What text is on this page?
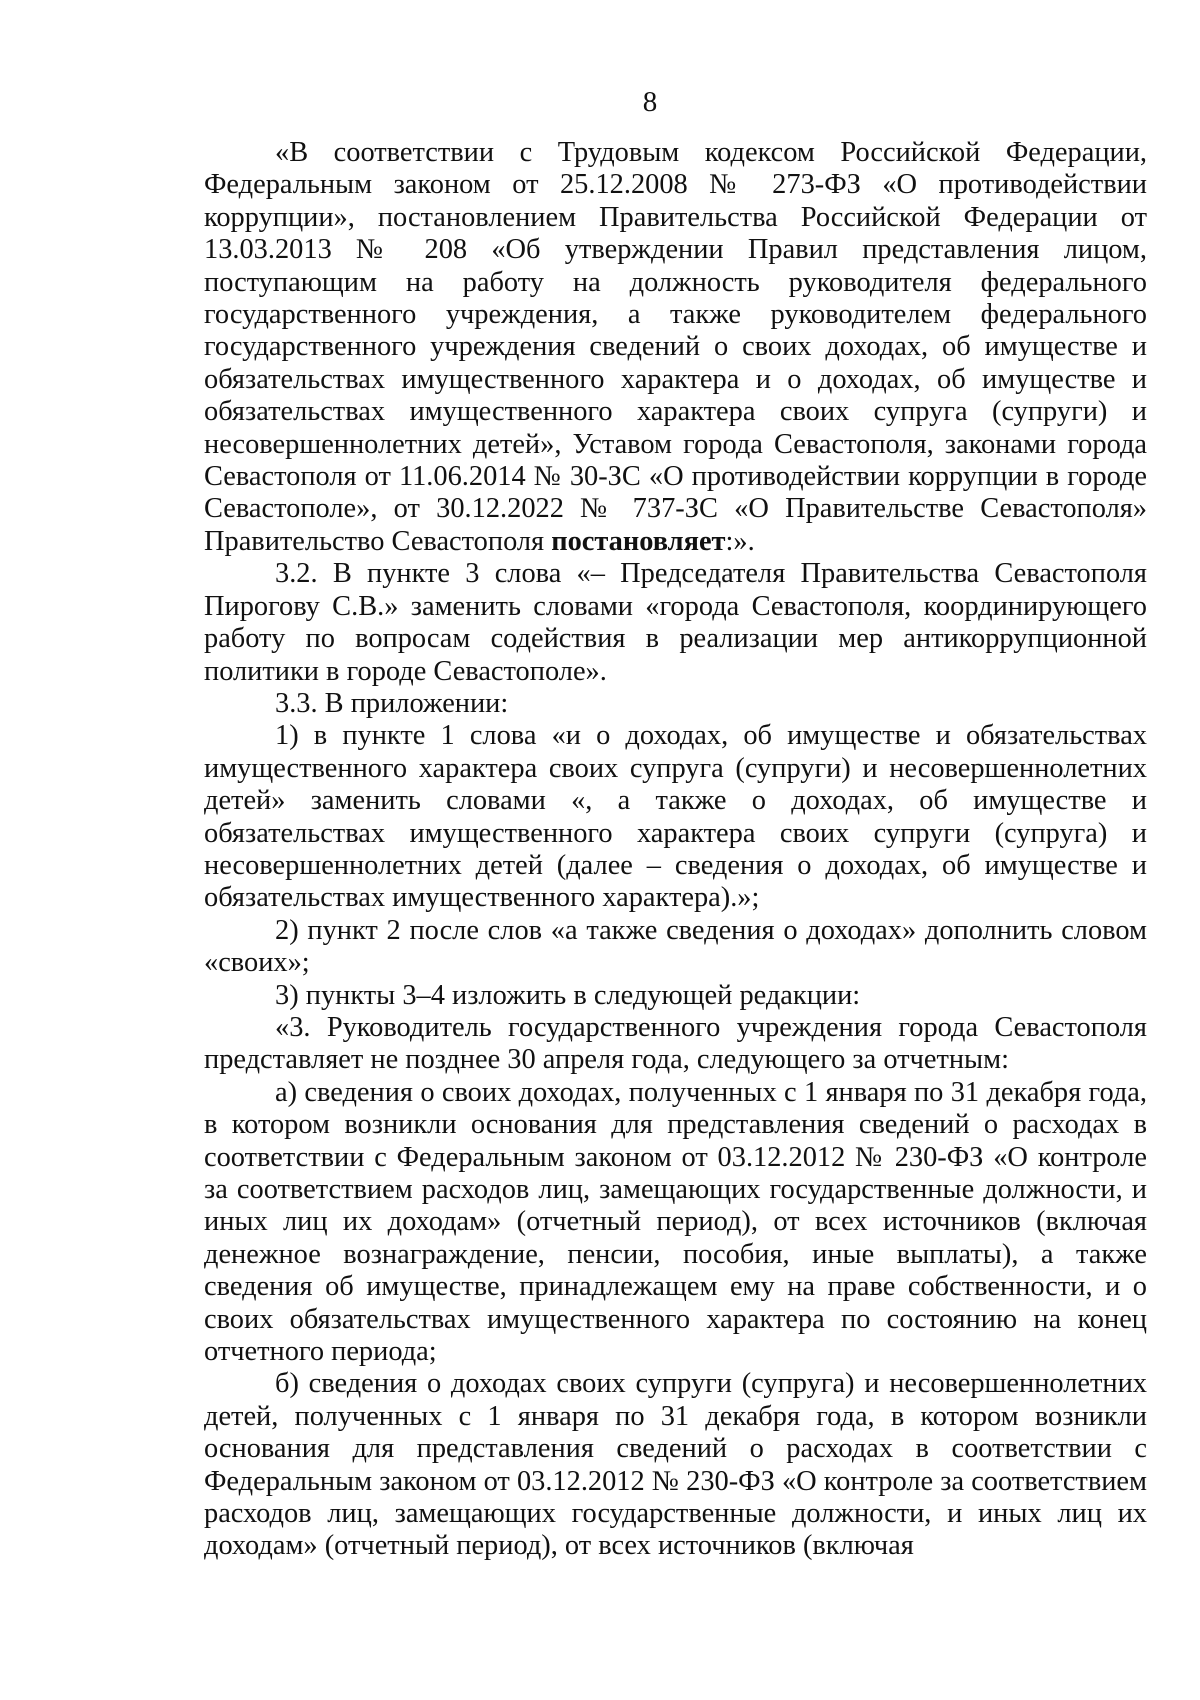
8

«В соответствии с Трудовым кодексом Российской Федерации, Федеральным законом от 25.12.2008 № 273-ФЗ «О противодействии коррупции», постановлением Правительства Российской Федерации от 13.03.2013 № 208 «Об утверждении Правил представления лицом, поступающим на работу на должность руководителя федерального государственного учреждения, а также руководителем федерального государственного учреждения сведений о своих доходах, об имуществе и обязательствах имущественного характера и о доходах, об имуществе и обязательствах имущественного характера своих супруга (супруги) и несовершеннолетних детей», Уставом города Севастополя, законами города Севастополя от 11.06.2014 № 30-ЗС «О противодействии коррупции в городе Севастополе», от 30.12.2022 № 737-ЗС «О Правительстве Севастополя» Правительство Севастополя постановляет:».

3.2. В пункте 3 слова «– Председателя Правительства Севастополя Пирогову С.В.» заменить словами «города Севастополя, координирующего работу по вопросам содействия в реализации мер антикоррупционной политики в городе Севастополе».

3.3. В приложении:

1) в пункте 1 слова «и о доходах, об имуществе и обязательствах имущественного характера своих супруга (супруги) и несовершеннолетних детей» заменить словами «, а также о доходах, об имуществе и обязательствах имущественного характера своих супруги (супруга) и несовершеннолетних детей (далее – сведения о доходах, об имуществе и обязательствах имущественного характера).»;

2) пункт 2 после слов «а также сведения о доходах» дополнить словом «своих»;

3) пункты 3–4 изложить в следующей редакции:

«3. Руководитель государственного учреждения города Севастополя представляет не позднее 30 апреля года, следующего за отчетным:

а) сведения о своих доходах, полученных с 1 января по 31 декабря года, в котором возникли основания для представления сведений о расходах в соответствии с Федеральным законом от 03.12.2012 № 230-ФЗ «О контроле за соответствием расходов лиц, замещающих государственные должности, и иных лиц их доходам» (отчетный период), от всех источников (включая денежное вознаграждение, пенсии, пособия, иные выплаты), а также сведения об имуществе, принадлежащем ему на праве собственности, и о своих обязательствах имущественного характера по состоянию на конец отчетного периода;

б) сведения о доходах своих супруги (супруга) и несовершеннолетних детей, полученных с 1 января по 31 декабря года, в котором возникли основания для представления сведений о расходах в соответствии с Федеральным законом от 03.12.2012 № 230-ФЗ «О контроле за соответствием расходов лиц, замещающих государственные должности, и иных лиц их доходам» (отчетный период), от всех источников (включая
